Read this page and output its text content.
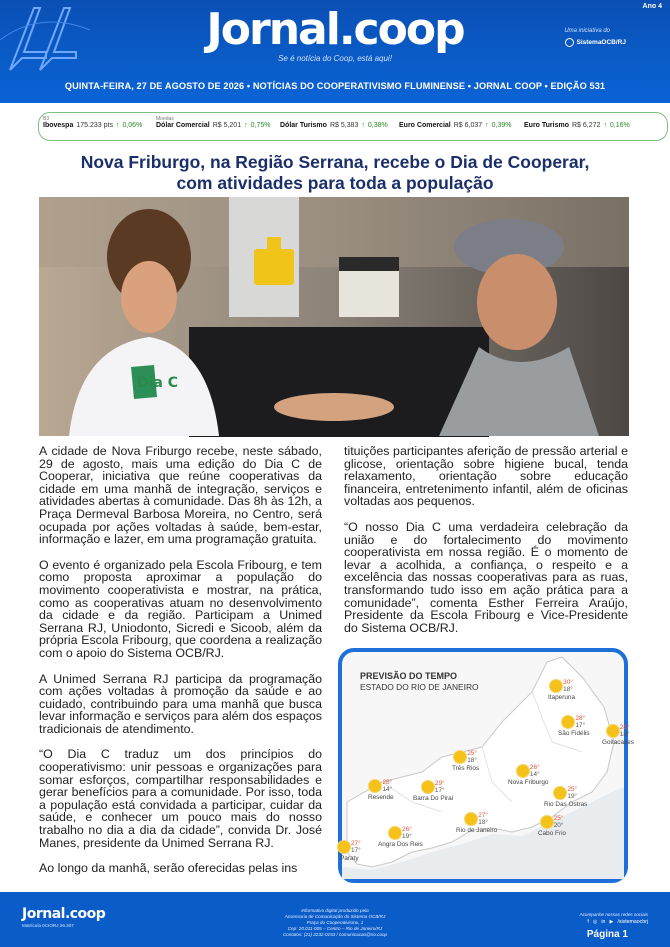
Ano 4
Jornal.coop
Se é notícia do Coop, está aqui!
Uma iniciativa do
SistemaOCB/RJ
QUINTA-FEIRA, 27 DE AGOSTO DE 2026 • NOTÍCIAS DO COOPERATIVISMO FLUMINENSE • JORNAL COOP • EDIÇÃO 531
B3	Moedas
Ibovespa 175.233 pts ↑ 0,06% Dólar Comercial R$ 5,201 ↑ 0,75% Dólar Turismo R$ 5,383 ↑ 0,38% Euro Comercial R$ 6,037 ↑ 0,39% Euro Turismo R$ 6,272 ↑ 0,16%
Nova Friburgo, na Região Serrana, recebe o Dia de Cooperar,
com atividades para toda a população
Dia C

A cidade de Nova Friburgo recebe, neste sábado, 29 de agosto, mais uma edição do Dia C de Cooperar, iniciativa que reúne cooperativas da cidade em uma manhã de integração, serviços e atividades abertas à comunidade. Das 8h às 12h, a Praça Dermeval Barbosa Moreira, no Centro, será ocupada por ações voltadas à saúde, bem-estar, informação e lazer, em uma programação gratuita.

O evento é organizado pela Escola Fribourg, e tem como proposta aproximar a população do movimento cooperativista e mostrar, na prática, como as cooperativas atuam no desenvolvimento da cidade e da região. Participam a Unimed Serrana RJ, Uniodonto, Sicredi e Sicoob, além da própria Escola Fribourg, que coordena a realização com o apoio do Sistema OCB/RJ.

A Unimed Serrana RJ participa da programação com ações voltadas à promoção da saúde e ao cuidado, contribuindo para uma manhã que busca levar informação e serviços para além dos espaços tradicionais de atendimento.

“O Dia C traduz um dos princípios do cooperativismo: unir pessoas e organizações para somar esforços, compartilhar responsabilidades e gerar benefícios para a comunidade. Por isso, toda a população está convidada a participar, cuidar da saúde, e conhecer um pouco mais do nosso trabalho no dia a dia da cidade”, convida Dr. José Manes, presidente da Unimed Serrana RJ.

Ao longo da manhã, serão oferecidas pelas ins

tituições participantes aferição de pressão arterial e glicose, orientação sobre higiene bucal, tenda relaxamento, orientação sobre educação financeira, entretenimento infantil, além de oficinas voltadas aos pequenos.

“O nosso Dia C uma verdadeira celebração da união e do fortalecimento do movimento cooperativista em nossa região. É o momento de levar a acolhida, a confiança, o respeito e a excelência das nossas cooperativas para as ruas, transformando tudo isso em ação prática para a comunidade”, comenta Esther Ferreira Araújo, Presidente da Escola Fribourg e Vice-Presidente do Sistema OCB/RJ.

PREVISÃO DO TEMPO
ESTADO DO RIO DE JANEIRO	30°
18°
Itaperuna
28°
17°
São Fidélis
28°
18°
Goitacazes
25°
18°
Três Rios	26°
14°
Nova Friburgo
28°
14°
Resende
29°
17°
Barra Do Piraí
25°
19°
Rio Das Ostras
27°
18°
Rio de Janeiro
25°
20°
Cabo Frio
26°
19°
Angra Dos Reis
27°
17°
Paraty
Jornal.coop
Matrícula 0CIORJ 26.307
Informativo digital produzido pela
Assessoria de Comunicação do Sistema OCB/RJ
Praça do Cooperativismo, 1
Cep: 20.011-005 – Centro – Rio de Janeiro/RJ
Contatos: (21) 2232-0153 / comunicacao@rio.coop
Acompanhe nossas redes sociais
f ◎ in ▶ /sistemaocbrj
Página 1
